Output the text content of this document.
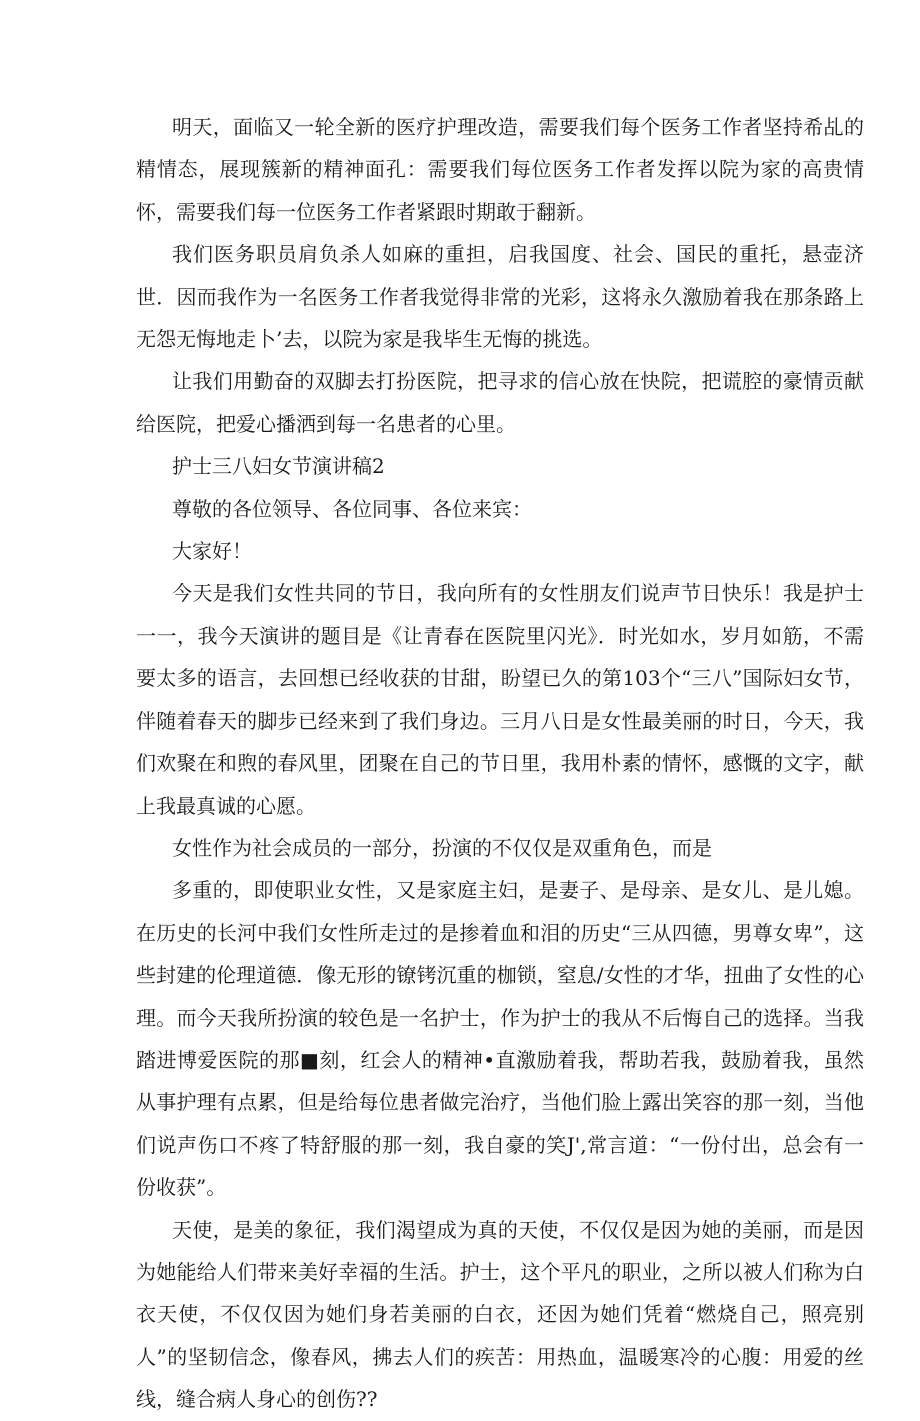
明天，面临又一轮全新的医疗护理改造，需要我们每个医务工作者坚持希乩的精情态，展现簇新的精神面孔：需要我们每位医务工作者发挥以院为家的高贵情怀，需要我们每一位医务工作者紧跟时期敢于翻新。

我们医务职员肩负杀人如麻的重担，启我国度、社会、国民的重托，悬壶济世．因而我作为一名医务工作者我觉得非常的光彩，这将永久激励着我在那条路上无怨无悔地走卜’去，以院为家是我毕生无悔的挑选。

让我们用勤奋的双脚去打扮医院，把寻求的信心放在快院，把谎腔的豪情贡献给医院，把爱心播洒到每一名患者的心里。

护士三八妇女节演讲稿2

尊敬的各位领导、各位同事、各位来宾：

大家好！

今天是我们女性共同的节日，我向所有的女性朋友们说声节日快乐！我是护士一一，我今天演讲的题目是《让青春在医院里闪光》．时光如水，岁月如筋，不需要太多的语言，去回想已经收获的甘甜，盼望已久的第103个“三八”国际妇女节，伴随着春天的脚步已经来到了我们身边。三月八日是女性最美丽的时日，今天，我们欢聚在和煦的春风里，团聚在自己的节日里，我用朴素的情怀，感慨的文字，献上我最真诚的心愿。

女性作为社会成员的一部分，扮演的不仅仅是双重角色，而是

多重的，即使职业女性，又是家庭主妇，是妻子、是母亲、是女儿、是儿媳。在历史的长河中我们女性所走过的是掺着血和泪的历史“三从四德，男尊女卑”，这些封建的伦理道德．像无形的镣铐沉重的枷锁，窒息/女性的才华，扭曲了女性的心理。而今天我所扮演的较色是一名护士，作为护士的我从不后悔自己的选择。当我踏进博爱医院的那■刻，红会人的精神•直激励着我，帮助若我，鼓励着我，虽然从事护理有点累，但是给每位患者做完治疗，当他们脸上露出笑容的那一刻，当他们说声伤口不疼了特舒服的那一刻，我自豪的笑J',常言道：“一份付出，总会有一份收获”。

天使，是美的象征，我们渴望成为真的天使，不仅仅是因为她的美丽，而是因为她能给人们带来美好幸福的生活。护士，这个平凡的职业，之所以被人们称为白衣天使，不仅仅因为她们身若美丽的白衣，还因为她们凭着“燃烧自己，照亮别人”的坚韧信念，像春风，拂去人们的疾苦：用热血，温暖寒冷的心腹：用爱的丝线，缝合病人身心的创伤??
